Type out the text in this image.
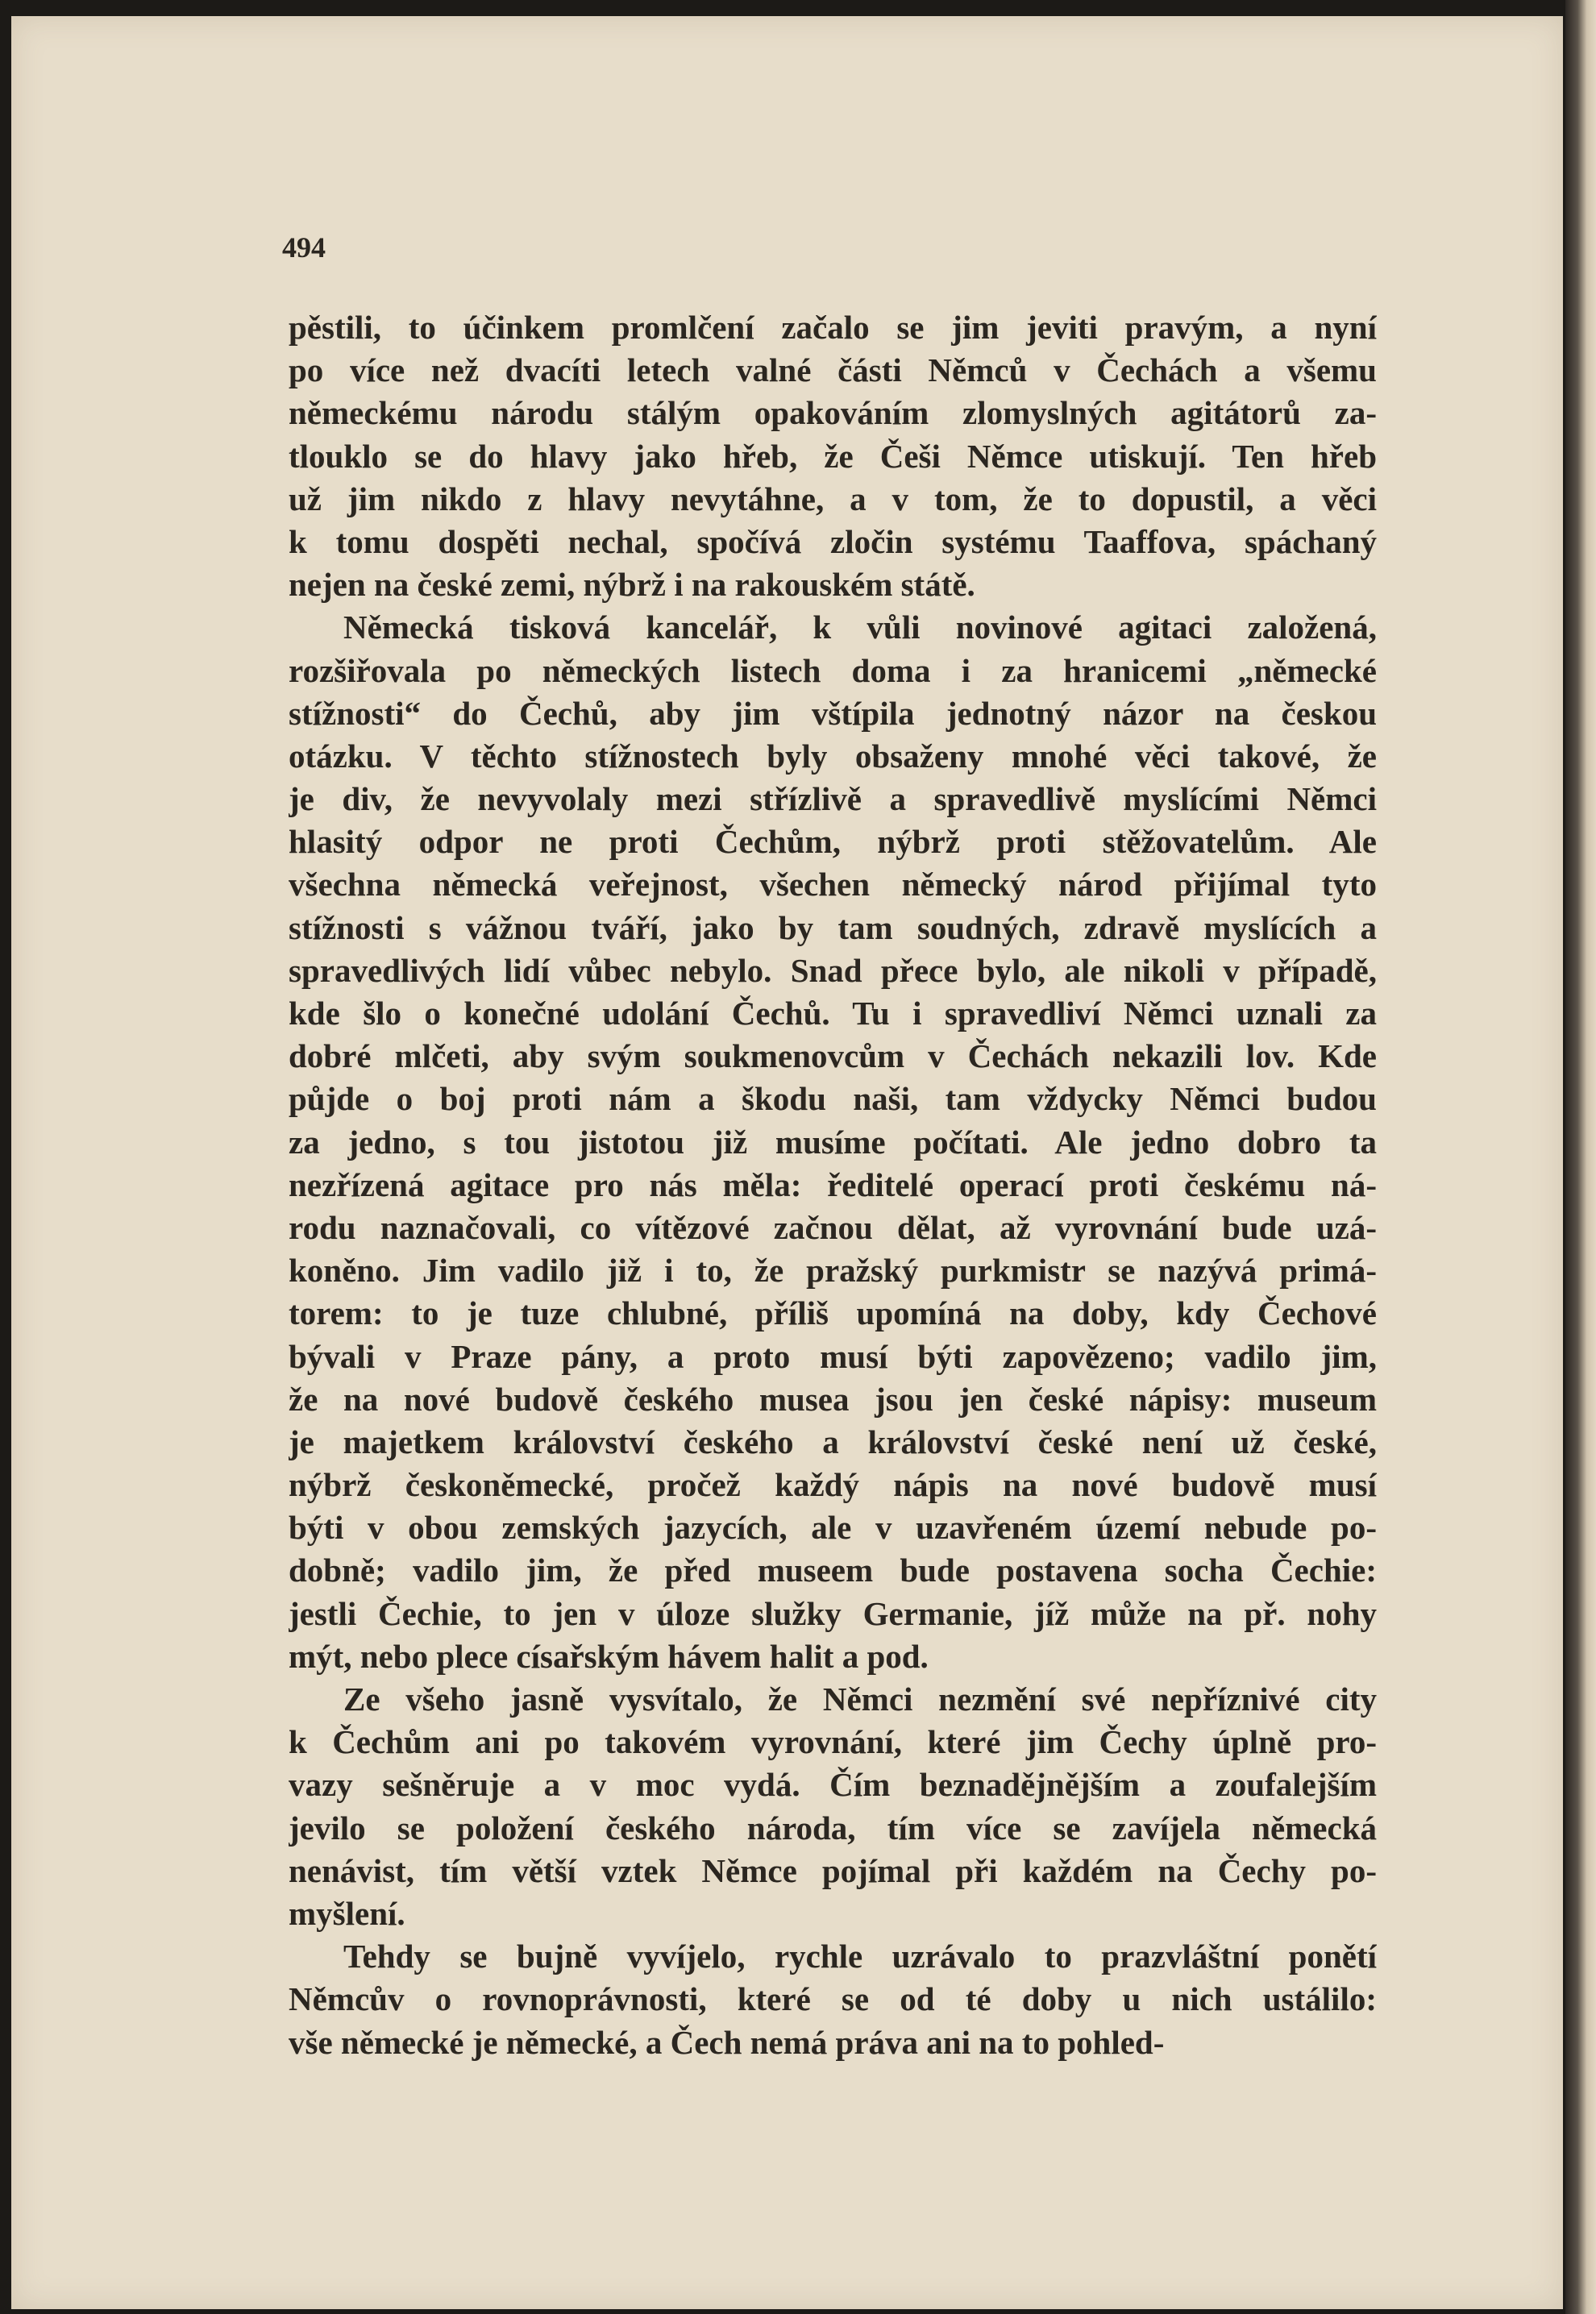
494

pěstili, to účinkem promlčení začalo se jim jeviti pravým, a nyní
po více než dvacíti letech valné části Němců v Čechách a všemu
německému národu stálým opakováním zlomyslných agitátorů za-
tlouklo se do hlavy jako hřeb, že Češi Němce utiskují. Ten hřeb
už jim nikdo z hlavy nevytáhne, a v tom, že to dopustil, a věci
k tomu dospěti nechal, spočívá zločin systému Taaffova, spáchaný
nejen na české zemi, nýbrž i na rakouském státě.
Německá tisková kancelář, k vůli novinové agitaci založená,
rozšiřovala po německých listech doma i za hranicemi „německé
stížnosti“ do Čechů, aby jim vštípila jednotný názor na českou
otázku. V těchto stížnostech byly obsaženy mnohé věci takové, že
je div, že nevyvolaly mezi střízlivě a spravedlivě myslícími Němci
hlasitý odpor ne proti Čechům, nýbrž proti stěžovatelům. Ale
všechna německá veřejnost, všechen německý národ přijímal tyto
stížnosti s vážnou tváří, jako by tam soudných, zdravě myslících a
spravedlivých lidí vůbec nebylo. Snad přece bylo, ale nikoli v případě,
kde šlo o konečné udolání Čechů. Tu i spravedliví Němci uznali za
dobré mlčeti, aby svým soukmenovcům v Čechách nekazili lov. Kde
půjde o boj proti nám a škodu naši, tam vždycky Němci budou
za jedno, s tou jistotou již musíme počítati. Ale jedno dobro ta
nezřízená agitace pro nás měla: ředitelé operací proti českému ná-
rodu naznačovali, co vítězové začnou dělat, až vyrovnání bude uzá-
koněno. Jim vadilo již i to, že pražský purkmistr se nazývá primá-
torem: to je tuze chlubné, příliš upomíná na doby, kdy Čechové
bývali v Praze pány, a proto musí býti zapovězeno; vadilo jim,
že na nové budově českého musea jsou jen české nápisy: museum
je majetkem království českého a království české není už české,
nýbrž českoněmecké, pročež každý nápis na nové budově musí
býti v obou zemských jazycích, ale v uzavřeném území nebude po-
dobně; vadilo jim, že před museem bude postavena socha Čechie:
jestli Čechie, to jen v úloze služky Germanie, jíž může na př. nohy
mýt, nebo plece císařským hávem halit a pod.
Ze všeho jasně vysvítalo, že Němci nezmění své nepříznivé city
k Čechům ani po takovém vyrovnání, které jim Čechy úplně pro-
vazy sešněruje a v moc vydá. Čím beznadějnějším a zoufalejším
jevilo se položení českého národa, tím více se zavíjela německá
nenávist, tím větší vztek Němce pojímal při každém na Čechy po-
myšlení.
Tehdy se bujně vyvíjelo, rychle uzrávalo to prazvláštní ponětí
Němcův o rovnoprávnosti, které se od té doby u nich ustálilo:
vše německé je německé, a Čech nemá práva ani na to pohled-
